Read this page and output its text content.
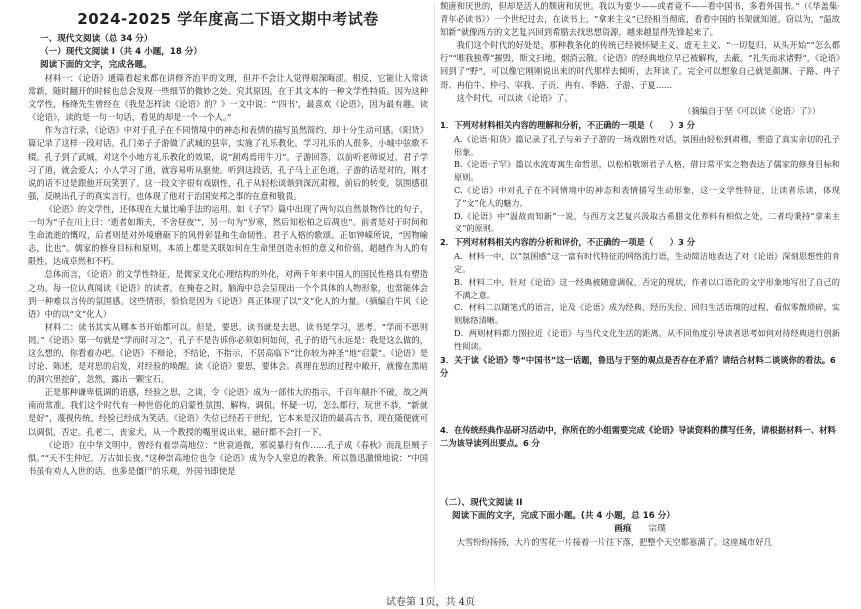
2024-2025 学年度高二下语文期中考试卷
一、现代文阅读（总 34 分）
（一）现代文阅读 I（共 4 小题，18 分）
阅读下面的文字，完成各题。

材料一：《论语》通篇看起来都在讲修齐治平的文理，但并不会让人觉得艰深晦涩。相反，它能让人常读常新，随时翻开的时候也总会发现一些细节的微妙之处。究其原因，在于其文本的一种文学性特质。因为这种文学性，杨绛先生曾经在《我是怎样读《论语》的？》一文中说：“‘四书’，最喜欢《论语》，因为最有趣。读《论语》，读的是一句一句话，看见的却是一个一个人。”

作为言行录，《论语》中对于孔子在不同情境中的神态和表情的描写虽然简约，却十分生动可感。《阳货》篇记录了这样一段对话。孔门弟子子游做了武城的县宰，实施了礼乐教化，学习礼乐的人很多，小城中弦歌不辍。孔子到了武城，对这个小地方礼乐教化的效果，说“割鸡焉用牛刀”。子游回答，以前听老师说过，君子学习了道，就会爱人；小人学习了道，就容易听从驱使。听到这段话，孔子马上正色道，子游的话是对的，刚才说的话不过是跟他开玩笑罢了。这一段文字很有戏剧性，孔子从轻松谈谐到深沉肃穆，前后的转变，氛围感很强，反映出孔子的真实言行，也体现了他对于治国安邦之事的在意和敬畏。

《论语》的文学性，还体现在大量比喻手法的运用。如《子罕》篇中出现了两句以自然景物作比的句子，一句为“子在川上曰：‘逝者如斯夫，不舍昼夜’”，另一句为“岁寒，然后知松柏之后凋也”。前者是对于时间和生命流逝的慨叹，后者则是对外境磨砺下的风骨彰显和生命韧性、君子人格的歌颂。正如钟嵘所说，“因物喻志，比也”。儒家的修身目标和原则，本质上都是关联如何在生命里创造永恒的意义和价值，超越作为人的有限性，达成卓然和不朽。

总体而言，《论语》的文学性特征，是儒家文化心理结构的外化，对两千年来中国人的国民性格具有塑造之功。每一位认真阅读《论语》的读者，在掩卷之时，脑海中总会呈现出一个个具体的人物形象，也常能体会到一种难以言传的氛围感。这些情形，恰恰是因为《论语》真正体现了以“文”化人的力量。（摘编自牛风《论语》中的以“文”化人）

材料二：读书其实从哪本书开始都可以。但是，要思。读书就是去思，读书是学习，思考。“学而不思则罔。”《论语》第一句就是“学而时习之”，孔子不是告诉你必须如何如何，孔子的语气永远是：我是这么做的，这么想的，你看着办吧。《论语》不辩论，不结论，不指示，不居高临下“比你较为神圣”地“启蒙”。《论语》是讨论、陈述，是对思的启发，对经验的唤醒。读《论语》要思，要体会。真理在思的过程中敞开，就像在黑暗的洞穴里挖矿，忽然，露出一颗宝石。

正是那种谦卑低调的语感，经验之思，之谈，令《论语》成为一部伟大的指示，千百年颠扑不破，故之两南而常准。我们这个时代有一种世俗化的启蒙性氛围，解构，调侃，怀疑一切，怎么都行，玩世不恭，“新就是好”，蔑视传统，经验已经成为笑话。《论语》失位已经若干世纪，它本来是汉语的最高古书，现在随便就可以调侃，否定。孔老二，丧家犬，从一个教授的嘴里说出来，磁矸都不会打一下。

《论语》在中华文明中，曾经有着崇高地位：“世衰道微，邪说暴行有作……孔子成《春秋》而乱臣贼子惧。”“天不生仲尼，万古如长夜。”这种崇高地位也令《论语》成为令人窒息的教条。所以鲁迅激愤地说：“中国书虽有劝人入世的话，也多是僵尸的乐观，外国书即使是

颓唐和厌世的，但却是活人的颓唐和厌世。我以为要少——或者竟不——看中国书，多看外国书。”（《华盖集·青年必读书》）一个世纪过去，在读书上，“拿来主义”已经相当彻底，看看中国的书架就知道。窃以为，“温故知新”就像西方的文艺复兴回到希腊去找思想资源，越来越显得先锋起来了。

我们这个时代的好处是，那种教条化的传统已经被怀疑主义、虚无主义、“一切复归，从头开始”“怎么都行”“唯我独尊”摧毁，斯文扫地，烟消云散。《论语》的经典地位早已被解构，去蔽。“礼失而求诸野”，《论语》回到了“野”，可以像它刚刚说出来的时代那样去倾听，去拜读了。完全可以想象自己就是颜渊、子路、冉子哥、冉伯牛、仲弓、宰我、子贡、冉有、季路、子游、子夏……

这个时代，可以读《论语》了。

（摘编自于坚《可以读〈论语〉了》）
1．下列对材料相关内容的理解和分析，不正确的一项是（　　）3 分

A.《论语·阳货》篇记录了孔子与弟子子游的一场戏剧性对话，氛围由轻松到肃穆，塑造了真实亲切的孔子形象。

B.《论语·子罕》篇以水流寄寓生命哲思，以松柏敬颂君子人格，借日常平实之物表达了儒家的修身目标和原则。

C.《论语》中对孔子在不同情境中的神态和表情描写生动形象，这一文学性特征，让读者乐读，体现了“文”化人的魅力。

D.《论语》中“温故而知新”一说，与西方文艺复兴汲取古希腊文化养料有相似之处，二者均秉持“拿来主义”的原则。

2．下列对材料相关内容的分析和评价，不正确的一项是（　　）3 分

A．材料一中，以“氛围感”这一富有时代特征的网络流行语，生动简洁地表达了对《论语》深刻思想性的肯定。

B．材料二中，针对《论语》这一经典被随意调侃、否定的现状，作者以口语化的文字形象地写出了自己的不满之意。

C．材料二以随笔式的语言，论及《论语》成为经典、经历失位、回归生活语境的过程，看似零散琐碎，实则脉络清晰。

D．两则材料都力图拉近《论语》与当代文化生活的距离，从不同角度引导读者思考如何对待经典进行创新性阅读。

3．关于读《论语》等“中国书”这一话题，鲁迅与于坚的观点是否存在矛盾？请结合材料二谈谈你的看法。6 分
4．在传统经典作品研习活动中，你所在的小组需要完成《论语》导读资料的撰写任务，请根据材料一、材料二为该导读列出要点。6 分
（二）、现代文阅读 II
阅读下面的文字，完成下面小题。(共 4 小题，总 16 分）
画痕 宗璞

大雪纷纷扬扬，大片的雪花一片接着一片往下落，把整个天空都塞满了。这座城市好几

试卷第 1页，共 4页
